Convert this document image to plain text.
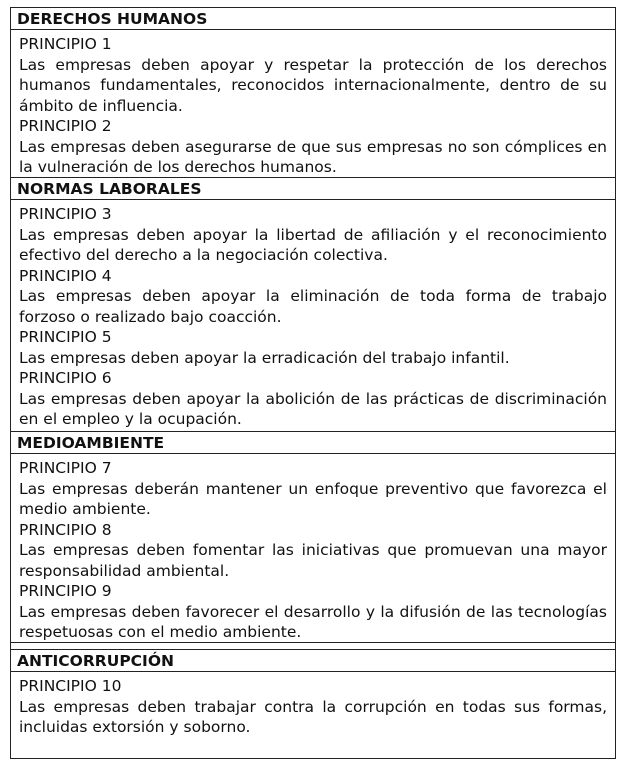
DERECHOS HUMANOS
PRINCIPIO 1
Las empresas deben apoyar y respetar la protección de los derechos humanos fundamentales, reconocidos internacionalmente, dentro de su ámbito de influencia.
PRINCIPIO 2
Las empresas deben asegurarse de que sus empresas no son cómplices en la vulneración de los derechos humanos.
NORMAS LABORALES
PRINCIPIO 3
Las empresas deben apoyar la libertad de afiliación y el reconocimiento efectivo del derecho a la negociación colectiva.
PRINCIPIO 4
Las empresas deben apoyar la eliminación de toda forma de trabajo forzoso o realizado bajo coacción.
PRINCIPIO 5
Las empresas deben apoyar la erradicación del trabajo infantil.
PRINCIPIO 6
Las empresas deben apoyar la abolición de las prácticas de discriminación en el empleo y la ocupación.
MEDIOAMBIENTE
PRINCIPIO 7
Las empresas deberán mantener un enfoque preventivo que favorezca el medio ambiente.
PRINCIPIO 8
Las empresas deben fomentar las iniciativas que promuevan una mayor responsabilidad ambiental.
PRINCIPIO 9
Las empresas deben favorecer el desarrollo y la difusión de las tecnologías respetuosas con el medio ambiente.
ANTICORRUPCIÓN
PRINCIPIO 10
Las empresas deben trabajar contra la corrupción en todas sus formas, incluidas extorsión y soborno.
